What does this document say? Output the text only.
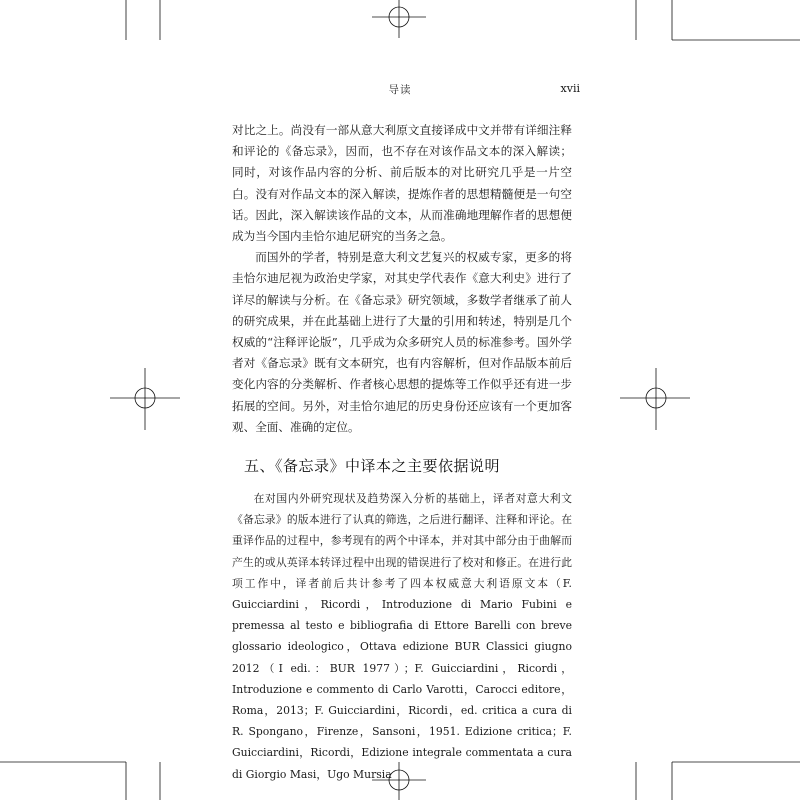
导读	xvii

对比之上。尚没有一部从意大利原文直接译成中文并带有详细注释和评论的《备忘录》，因而，也不存在对该作品文本的深入解读；同时，对该作品内容的分析、前后版本的对比研究几乎是一片空白。没有对作品文本的深入解读，提炼作者的思想精髓便是一句空话。因此，深入解读该作品的文本，从而准确地理解作者的思想便成为当今国内圭恰尔迪尼研究的当务之急。

而国外的学者，特别是意大利文艺复兴的权威专家，更多的将圭恰尔迪尼视为政治史学家，对其史学代表作《意大利史》进行了详尽的解读与分析。在《备忘录》研究领域，多数学者继承了前人的研究成果，并在此基础上进行了大量的引用和转述，特别是几个权威的“注释评论版”，几乎成为众多研究人员的标准参考。国外学者对《备忘录》既有文本研究，也有内容解析，但对作品版本前后变化内容的分类解析、作者核心思想的提炼等工作似乎还有进一步拓展的空间。另外，对圭恰尔迪尼的历史身份还应该有一个更加客观、全面、准确的定位。

五、《备忘录》中译本之主要依据说明

在对国内外研究现状及趋势深入分析的基础上，译者对意大利文《备忘录》的版本进行了认真的筛选，之后进行翻译、注释和评论。在重译作品的过程中，参考现有的两个中译本，并对其中部分由于曲解而产生的或从英译本转译过程中出现的错误进行了校对和修正。在进行此项工作中，译者前后共计参考了四本权威意大利语原文本（F. Guicciardini，Ricordi，Introduzione di Mario Fubini e premessa al testo e bibliografia di Ettore Barelli con breve glossario ideologico，Ottava edizione BUR Classici giugno 2012（I edi.：BUR 1977）；F. Guicciardini，Ricordi，Introduzione e commento di Carlo Varotti，Carocci editore，Roma，2013；F. Guicciardini，Ricordi，ed. critica a cura di R. Spongano，Firenze，Sansoni，1951. Edizione critica；F. Guicciardini，Ricordi，Edizione integrale commentata a cura di Giorgio Masi，Ugo Mursia
